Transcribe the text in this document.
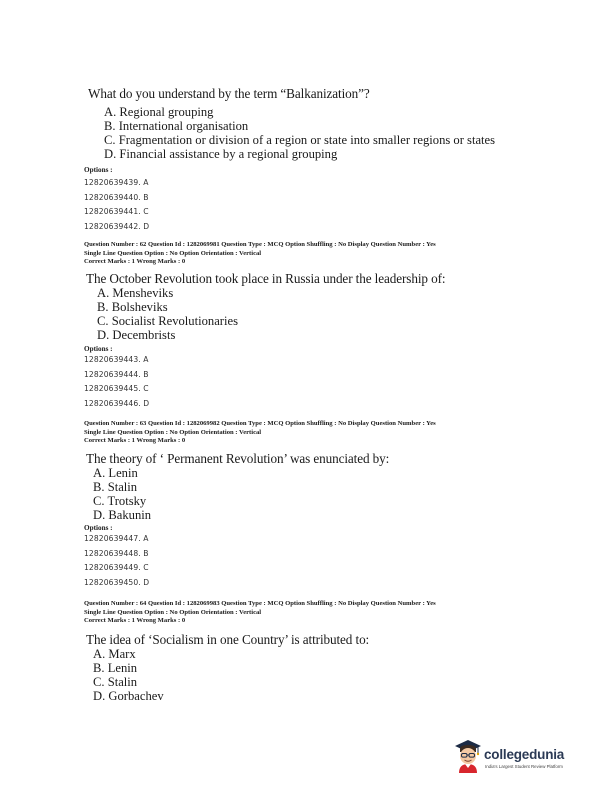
What do you understand by the term “Balkanization”?
A. Regional grouping
B. International organisation
C. Fragmentation or division of a region or state into smaller regions or states
D. Financial assistance by a regional grouping
Options :
12820639439. A
12820639440. B
12820639441. C
12820639442. D
Question Number : 62 Question Id : 1282069981 Question Type : MCQ Option Shuffling : No Display Question Number : Yes
Single Line Question Option : No Option Orientation : Vertical
Correct Marks : 1 Wrong Marks : 0
The October Revolution took place in Russia under the leadership of:
A. Mensheviks
B. Bolsheviks
C. Socialist Revolutionaries
D. Decembrists
Options :
12820639443. A
12820639444. B
12820639445. C
12820639446. D
Question Number : 63 Question Id : 1282069982 Question Type : MCQ Option Shuffling : No Display Question Number : Yes
Single Line Question Option : No Option Orientation : Vertical
Correct Marks : 1 Wrong Marks : 0
The theory of ‘ Permanent Revolution’ was enunciated by:
A. Lenin
B. Stalin
C. Trotsky
D. Bakunin
Options :
12820639447. A
12820639448. B
12820639449. C
12820639450. D
Question Number : 64 Question Id : 1282069983 Question Type : MCQ Option Shuffling : No Display Question Number : Yes
Single Line Question Option : No Option Orientation : Vertical
Correct Marks : 1 Wrong Marks : 0
The idea of ‘Socialism in one Country’ is attributed to:
A. Marx
B. Lenin
C. Stalin
D. Gorbachev
collegedunia
India's Largest Student Review Platform
